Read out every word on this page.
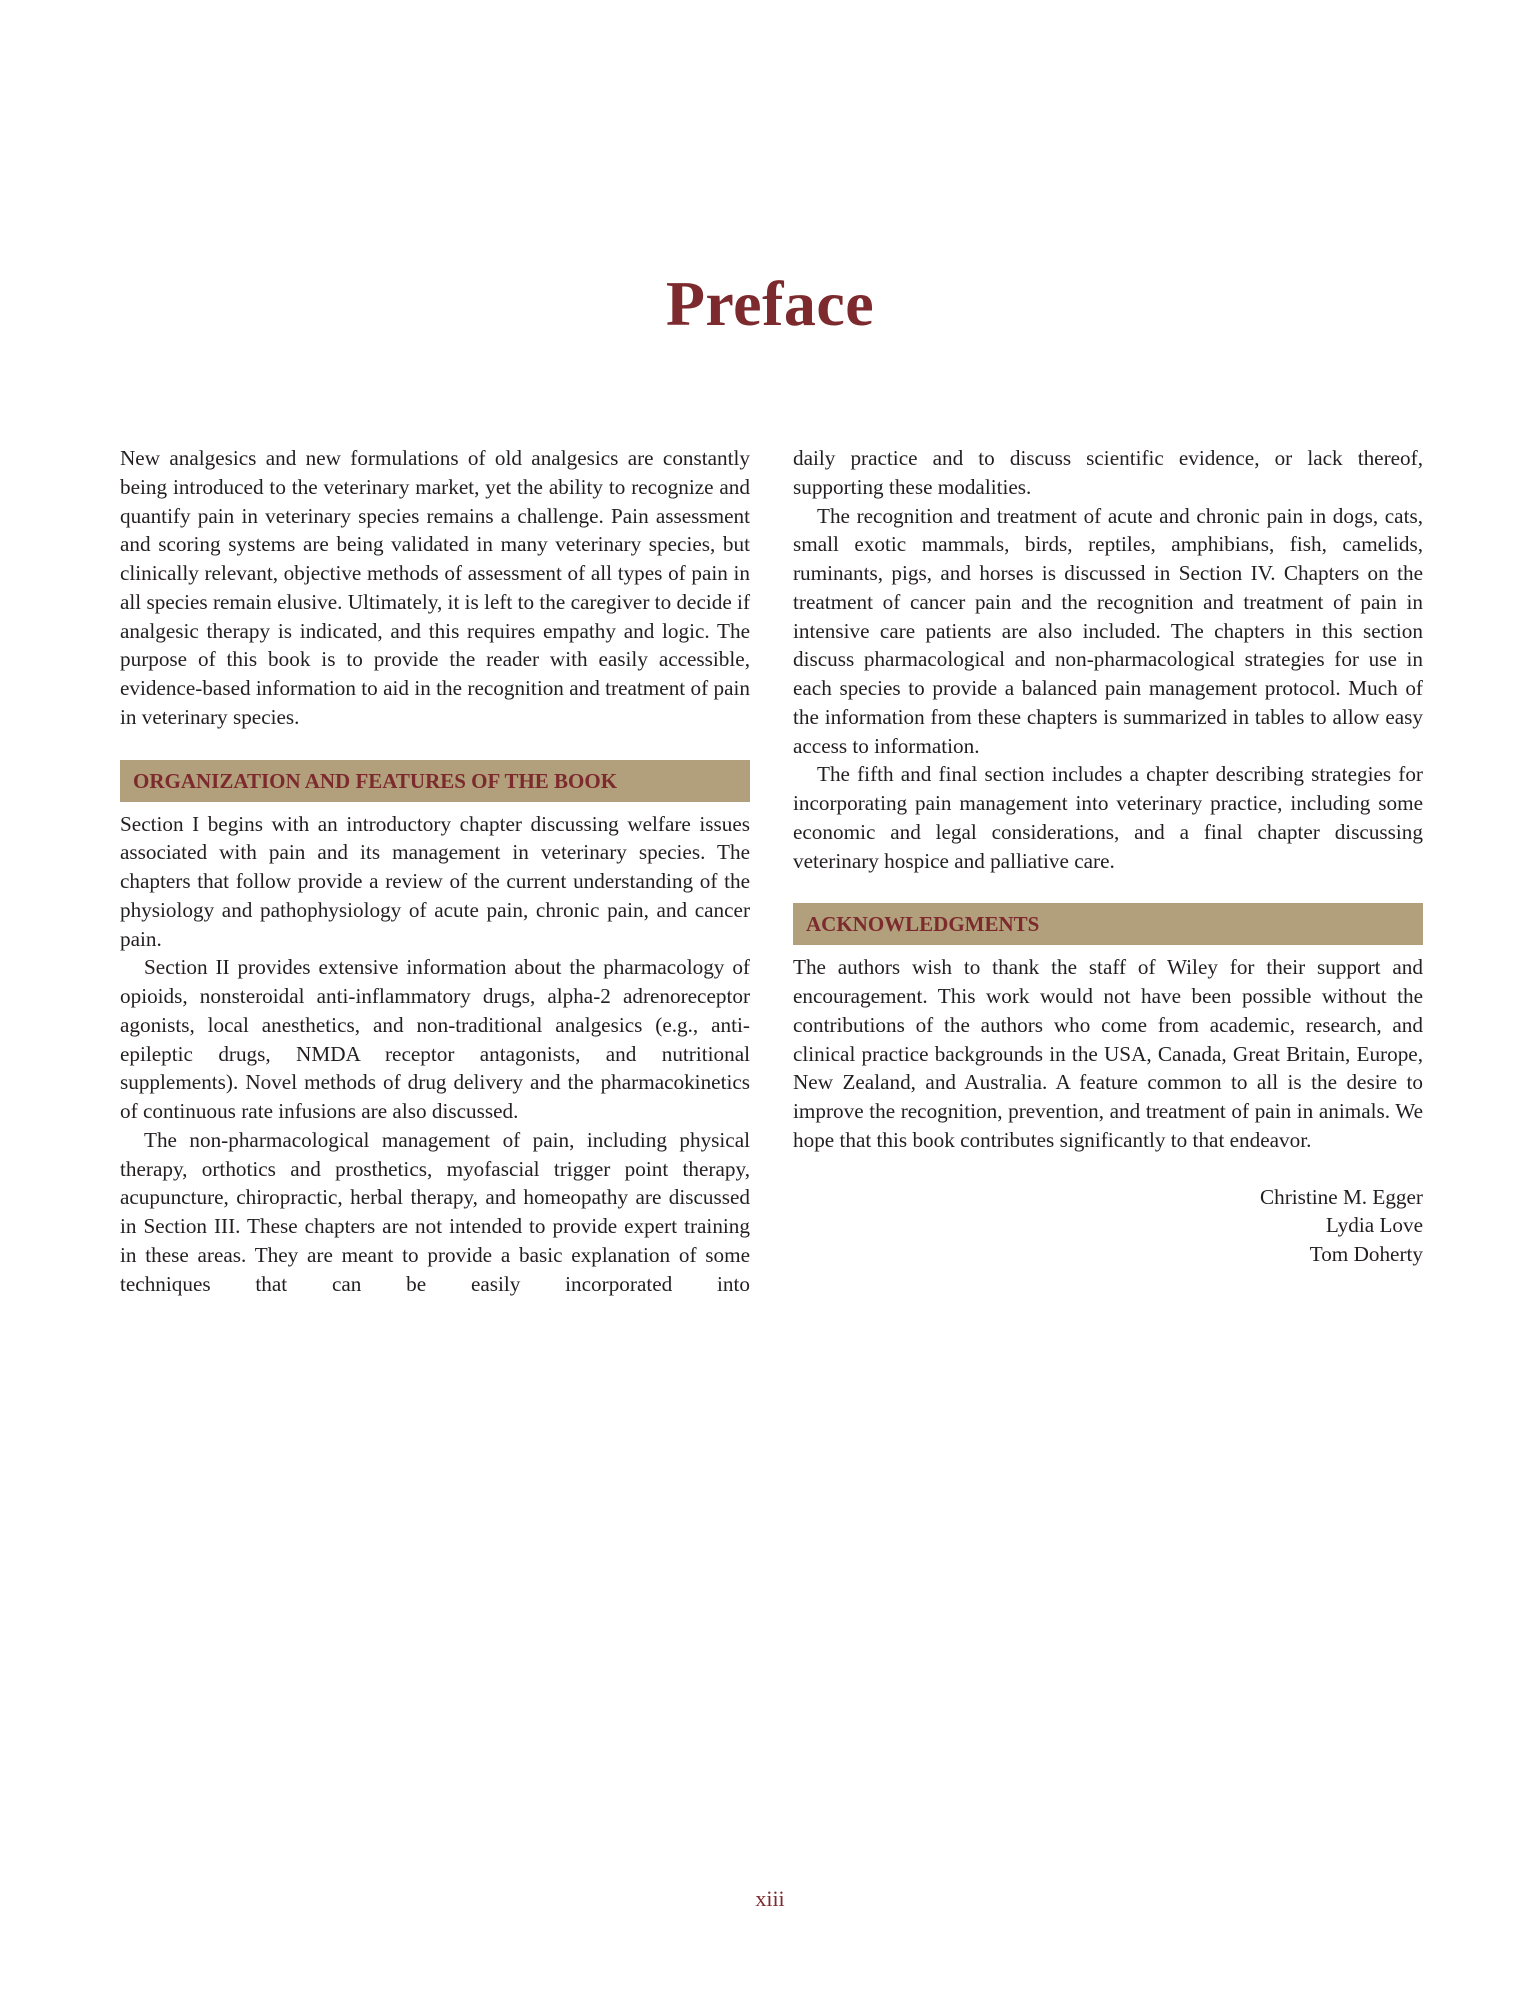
Preface

New analgesics and new formulations of old analgesics are constantly being introduced to the veterinary market, yet the ability to recognize and quantify pain in veterinary species remains a challenge. Pain assessment and scoring systems are being validated in many veterinary species, but clinically relevant, objective methods of assessment of all types of pain in all species remain elusive. Ultimately, it is left to the caregiver to decide if analgesic therapy is indicated, and this requires empathy and logic. The purpose of this book is to provide the reader with easily accessible, evidence-based information to aid in the recognition and treatment of pain in veterinary species.

ORGANIZATION AND FEATURES OF THE BOOK

Section I begins with an introductory chapter discussing welfare issues associated with pain and its management in veterinary species. The chapters that follow provide a review of the current understanding of the physiology and pathophysiology of acute pain, chronic pain, and cancer pain.

Section II provides extensive information about the pharmacology of opioids, nonsteroidal anti-inflammatory drugs, alpha-2 adrenoreceptor agonists, local anesthetics, and non-traditional analgesics (e.g., anti-epileptic drugs, NMDA receptor antagonists, and nutritional supplements). Novel methods of drug delivery and the pharmacokinetics of continuous rate infusions are also discussed.

The non-pharmacological management of pain, including physical therapy, orthotics and prosthetics, myofascial trigger point therapy, acupuncture, chiropractic, herbal therapy, and homeopathy are discussed in Section III. These chapters are not intended to provide expert training in these areas. They are meant to provide a basic explanation of some techniques that can be easily incorporated into

daily practice and to discuss scientific evidence, or lack thereof, supporting these modalities.

The recognition and treatment of acute and chronic pain in dogs, cats, small exotic mammals, birds, reptiles, amphibians, fish, camelids, ruminants, pigs, and horses is discussed in Section IV. Chapters on the treatment of cancer pain and the recognition and treatment of pain in intensive care patients are also included. The chapters in this section discuss pharmacological and non-pharmacological strategies for use in each species to provide a balanced pain management protocol. Much of the information from these chapters is summarized in tables to allow easy access to information.

The fifth and final section includes a chapter describing strategies for incorporating pain management into veterinary practice, including some economic and legal considerations, and a final chapter discussing veterinary hospice and palliative care.

ACKNOWLEDGMENTS

The authors wish to thank the staff of Wiley for their support and encouragement. This work would not have been possible without the contributions of the authors who come from academic, research, and clinical practice backgrounds in the USA, Canada, Great Britain, Europe, New Zealand, and Australia. A feature common to all is the desire to improve the recognition, prevention, and treatment of pain in animals. We hope that this book contributes significantly to that endeavor.

Christine M. Egger
Lydia Love
Tom Doherty
xiii
